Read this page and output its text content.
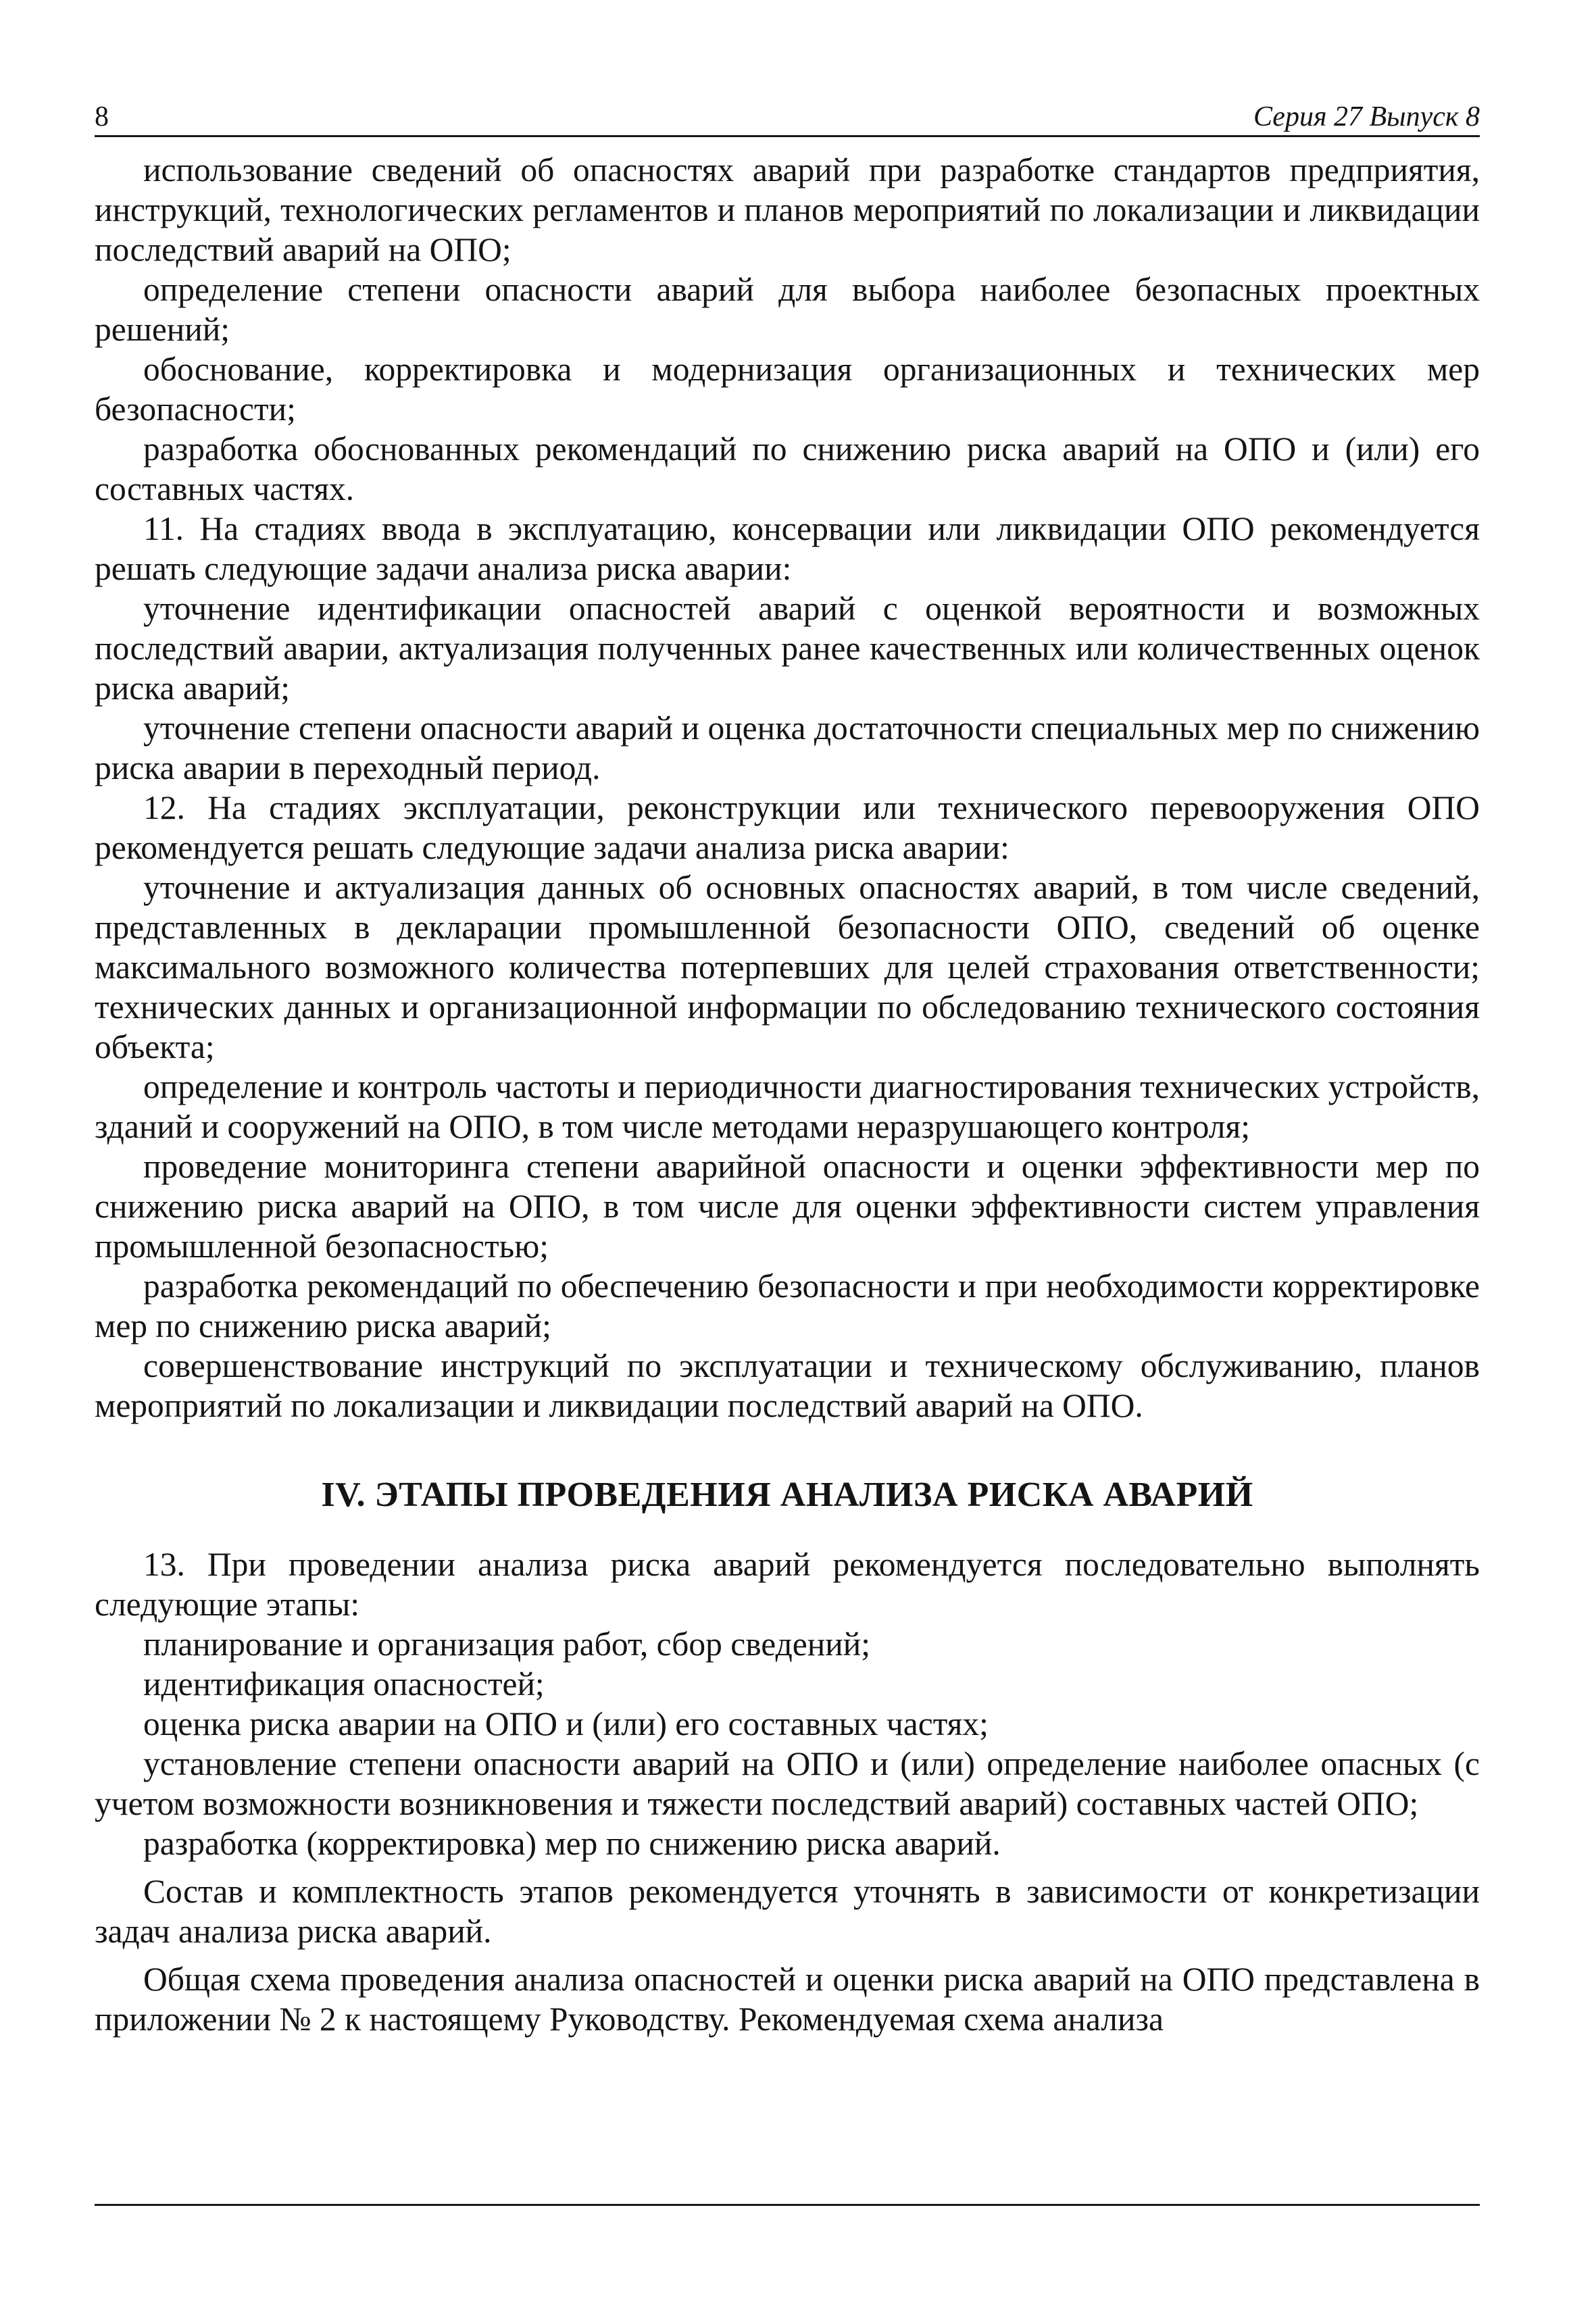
8	Серия 27 Выпуск 8

использование сведений об опасностях аварий при разработке стандартов предприятия, инструкций, технологических регламентов и планов мероприятий по локализации и ликвидации последствий аварий на ОПО;

определение степени опасности аварий для выбора наиболее безопасных проектных решений;

обоснование, корректировка и модернизация организационных и технических мер безопасности;

разработка обоснованных рекомендаций по снижению риска аварий на ОПО и (или) его составных частях.

11. На стадиях ввода в эксплуатацию, консервации или ликвидации ОПО рекомендуется решать следующие задачи анализа риска аварии:

уточнение идентификации опасностей аварий с оценкой вероятности и возможных последствий аварии, актуализация полученных ранее качественных или количественных оценок риска аварий;

уточнение степени опасности аварий и оценка достаточности специальных мер по снижению риска аварии в переходный период.

12. На стадиях эксплуатации, реконструкции или технического перевооружения ОПО рекомендуется решать следующие задачи анализа риска аварии:

уточнение и актуализация данных об основных опасностях аварий, в том числе сведений, представленных в декларации промышленной безопасности ОПО, сведений об оценке максимального возможного количества потерпевших для целей страхования ответственности; технических данных и организационной информации по обследованию технического состояния объекта;

определение и контроль частоты и периодичности диагностирования технических устройств, зданий и сооружений на ОПО, в том числе методами неразрушающего контроля;

проведение мониторинга степени аварийной опасности и оценки эффективности мер по снижению риска аварий на ОПО, в том числе для оценки эффективности систем управления промышленной безопасностью;

разработка рекомендаций по обеспечению безопасности и при необходимости корректировке мер по снижению риска аварий;

совершенствование инструкций по эксплуатации и техническому обслуживанию, планов мероприятий по локализации и ликвидации последствий аварий на ОПО.

IV. ЭТАПЫ ПРОВЕДЕНИЯ АНАЛИЗА РИСКА АВАРИЙ

13. При проведении анализа риска аварий рекомендуется последовательно выполнять следующие этапы:

планирование и организация работ, сбор сведений;

идентификация опасностей;

оценка риска аварии на ОПО и (или) его составных частях;

установление степени опасности аварий на ОПО и (или) определение наиболее опасных (с учетом возможности возникновения и тяжести последствий аварий) составных частей ОПО;

разработка (корректировка) мер по снижению риска аварий.

Состав и комплектность этапов рекомендуется уточнять в зависимости от конкретизации задач анализа риска аварий.

Общая схема проведения анализа опасностей и оценки риска аварий на ОПО представлена в приложении № 2 к настоящему Руководству. Рекомендуемая схема анализа
